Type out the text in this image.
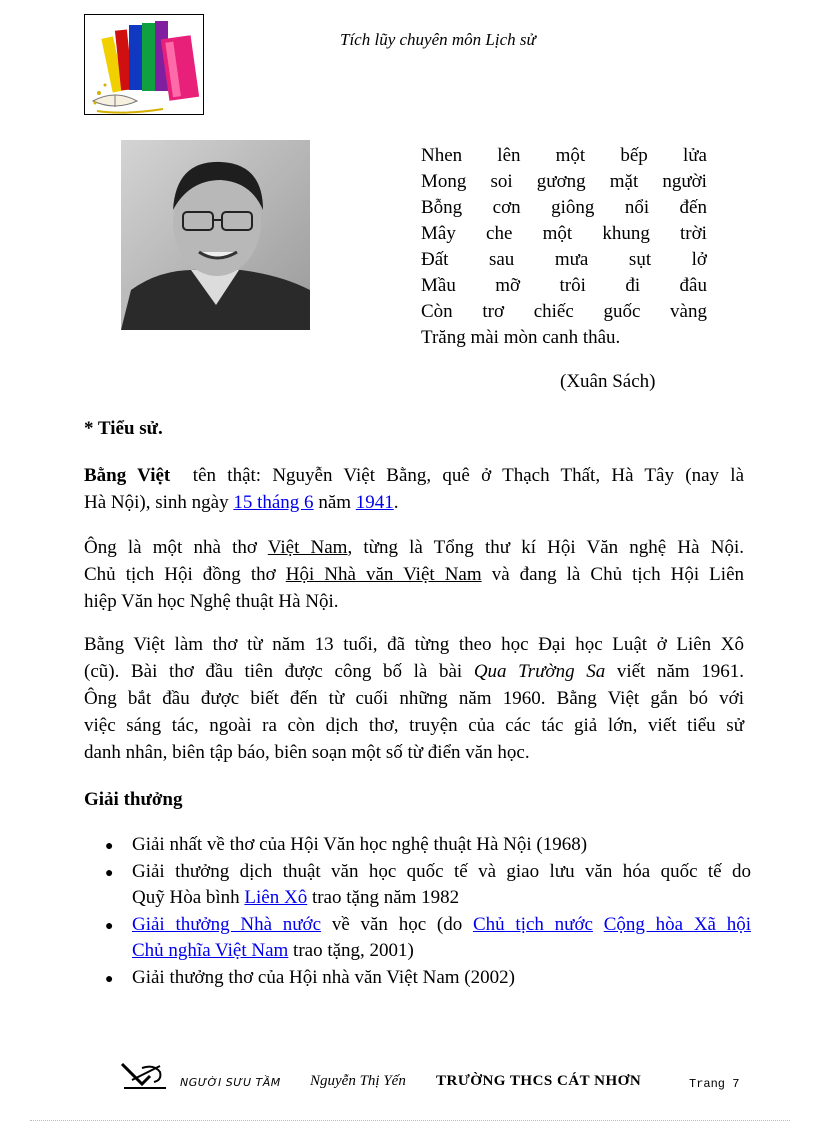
Tích lũy chuyên môn Lịch sử
Nhen lên một bếp lửa
Mong soi gương mặt người
Bỗng cơn giông nổi đến
Mây che một khung trời
Đất sau mưa sụt lở
Mầu mỡ trôi đi đâu
Còn trơ chiếc guốc vàng
Trăng mài mòn canh thâu.
(Xuân Sách)
* Tiểu sử.
Bằng Việt tên thật: Nguyễn Việt Bằng, quê ở Thạch Thất, Hà Tây (nay là
Hà Nội), sinh ngày 15 tháng 6 năm 1941.
Ông là một nhà thơ Việt Nam, từng là Tổng thư kí Hội Văn nghệ Hà Nội.
Chủ tịch Hội đồng thơ Hội Nhà văn Việt Nam và đang là Chủ tịch Hội Liên
hiệp Văn học Nghệ thuật Hà Nội.
Bằng Việt làm thơ từ năm 13 tuổi, đã từng theo học Đại học Luật ở Liên Xô
(cũ). Bài thơ đầu tiên được công bố là bài Qua Trường Sa viết năm 1961.
Ông bắt đầu được biết đến từ cuối những năm 1960. Bằng Việt gắn bó với
việc sáng tác, ngoài ra còn dịch thơ, truyện của các tác giả lớn, viết tiểu sử
danh nhân, biên tập báo, biên soạn một số từ điển văn học.
Giải thưởng
● Giải nhất về thơ của Hội Văn học nghệ thuật Hà Nội (1968)
● Giải thưởng dịch thuật văn học quốc tế và giao lưu văn hóa quốc tế do
Quỹ Hòa bình Liên Xô trao tặng năm 1982
● Giải thưởng Nhà nước về văn học (do Chủ tịch nước Cộng hòa Xã hội
Chủ nghĩa Việt Nam trao tặng, 2001)
● Giải thưởng thơ của Hội nhà văn Việt Nam (2002)
NGƯỜI SƯU TẦM Nguyễn Thị Yến TRƯỜNG THCS CÁT NHƠN	Trang 7
